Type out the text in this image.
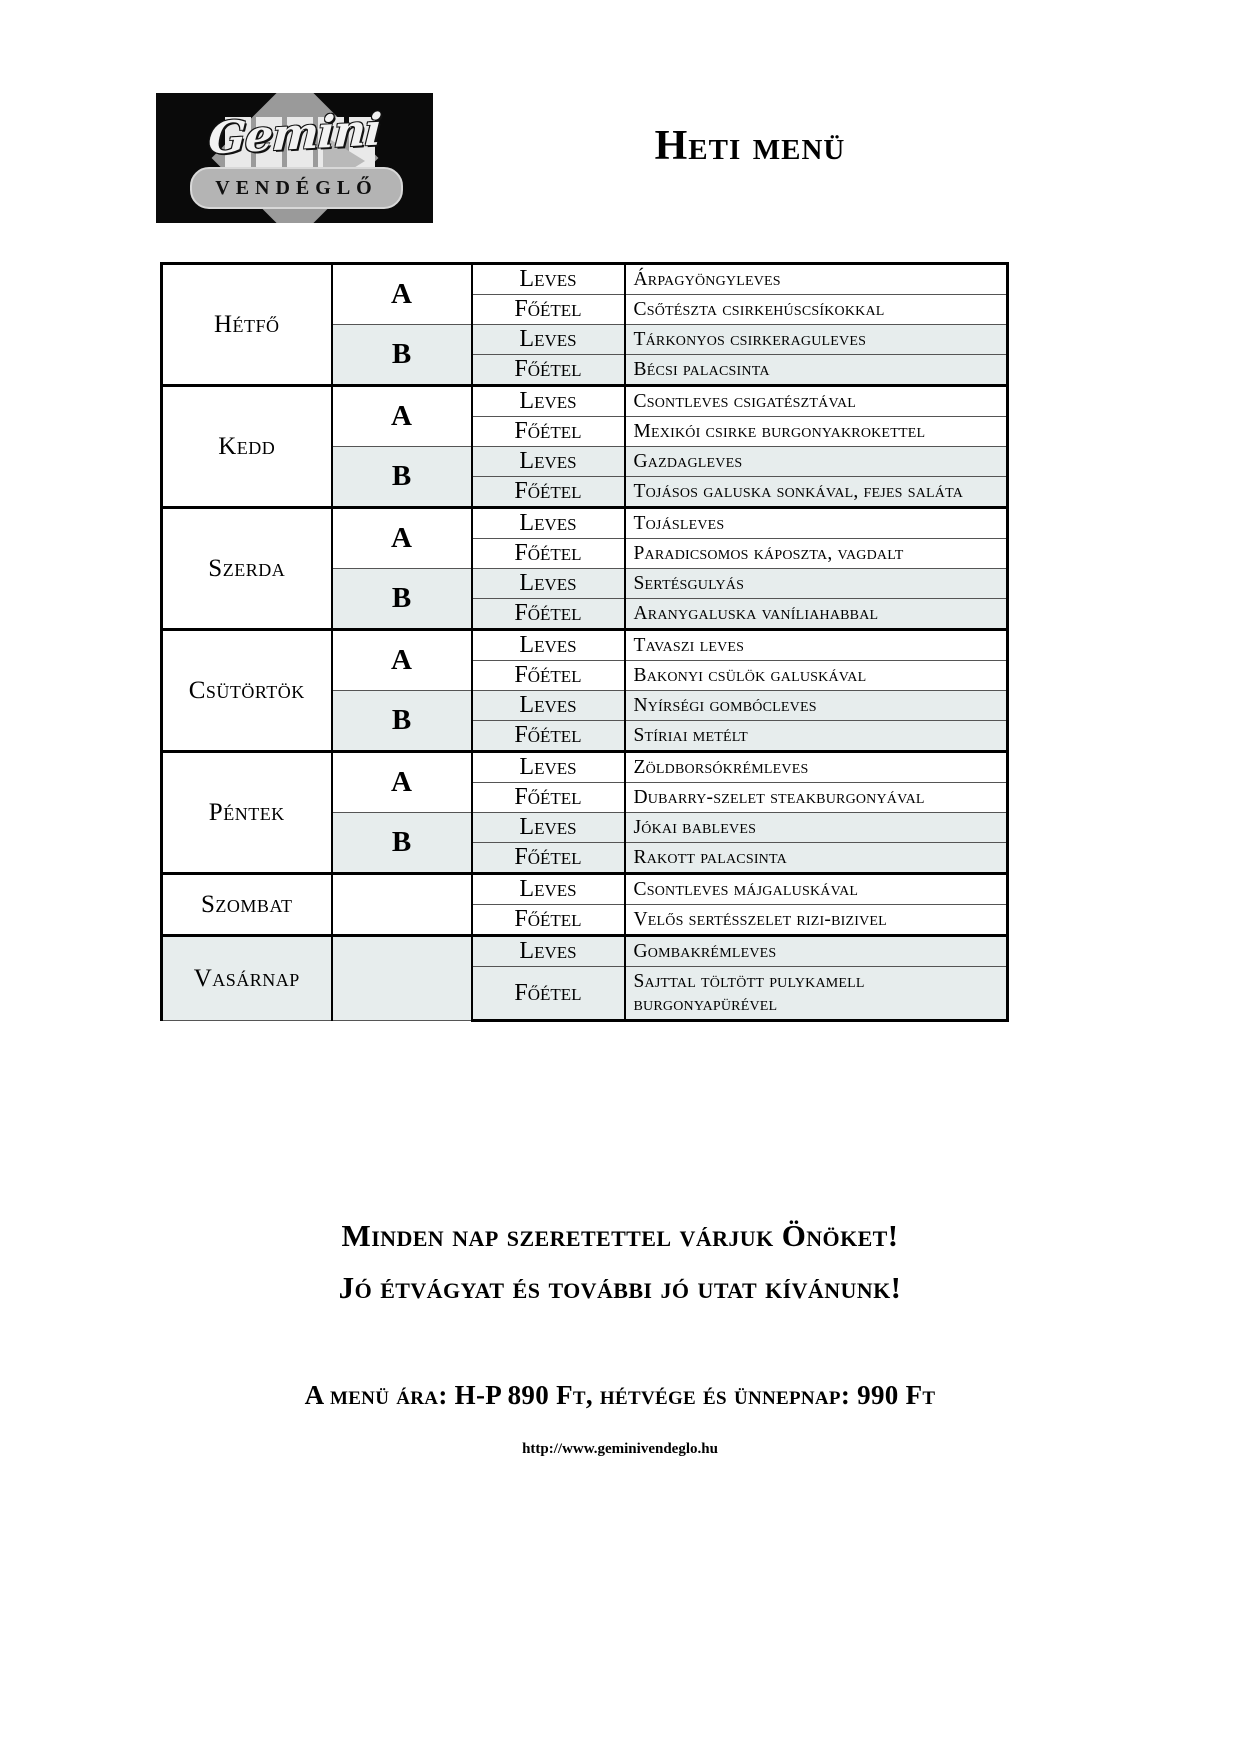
Gemini
VENDÉGLŐ
Heti menü
Hétfő	A	Leves	Árpagyöngyleves
		Főétel	Csőtészta csirkehúscsíkokkal
	B	Leves	Tárkonyos csirkeraguleves
		Főétel	Bécsi palacsinta
Kedd	A	Leves	Csontleves csigatésztával
		Főétel	Mexikói csirke burgonyakrokettel
	B	Leves	Gazdagleves
		Főétel	Tojásos galuska sonkával, fejes saláta
Szerda	A	Leves	Tojásleves
		Főétel	Paradicsomos káposzta, vagdalt
	B	Leves	Sertésgulyás
		Főétel	Aranygaluska vaníliahabbal
Csütörtök	A	Leves	Tavaszi leves
		Főétel	Bakonyi csülök galuskával
	B	Leves	Nyírségi gombócleves
		Főétel	Stíriai metélt
Péntek	A	Leves	Zöldborsókrémleves
		Főétel	Dubarry-szelet steakburgonyával
	B	Leves	Jókai bableves
		Főétel	Rakott palacsinta
Szombat		Leves	Csontleves májgaluskával
		Főétel	Velős sertésszelet rizi-bizivel
Vasárnap		Leves	Gombakrémleves
		Főétel	Sajttal töltött pulykamell burgonyapürével
Minden nap szeretettel várjuk Önöket!
Jó étvágyat és további jó utat kívánunk!
A menü ára: H-P 890 Ft, hétvége és ünnepnap: 990 Ft
http://www.geminivendeglo.hu
